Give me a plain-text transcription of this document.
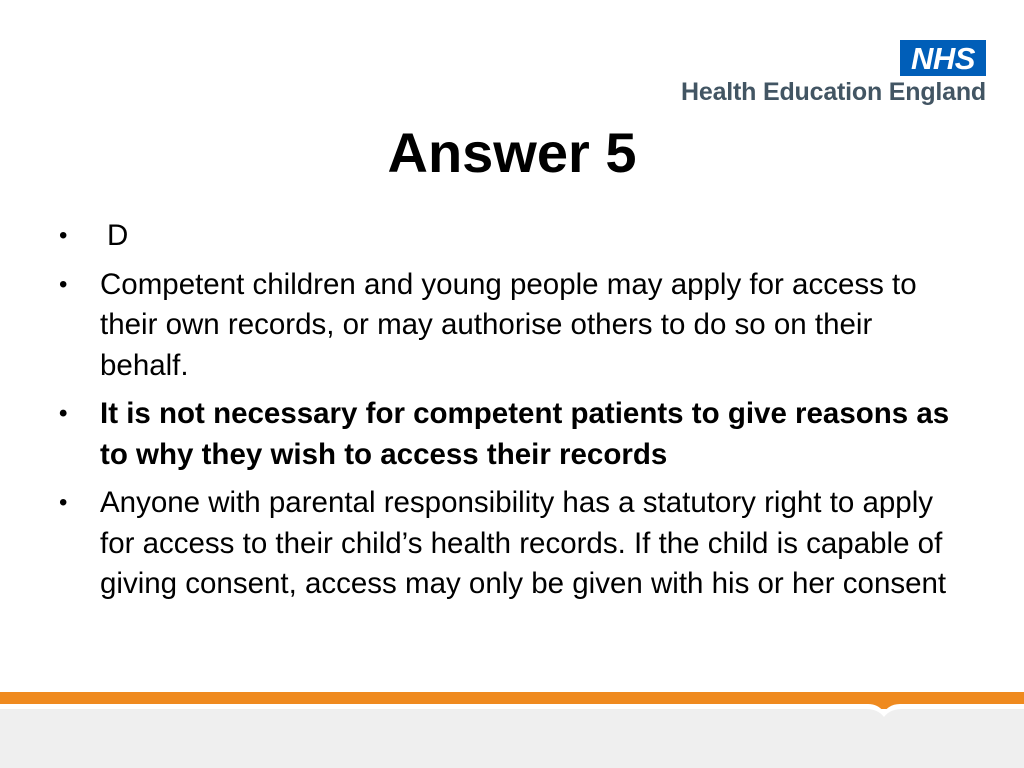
NHS
Health Education England
Answer 5
• D
• Competent children and young people may apply for access to their own records, or may authorise others to do so on their behalf.
• It is not necessary for competent patients to give reasons as to why they wish to access their records
• Anyone with parental responsibility has a statutory right to apply for access to their child’s health records. If the child is capable of giving consent, access may only be given with his or her consent
